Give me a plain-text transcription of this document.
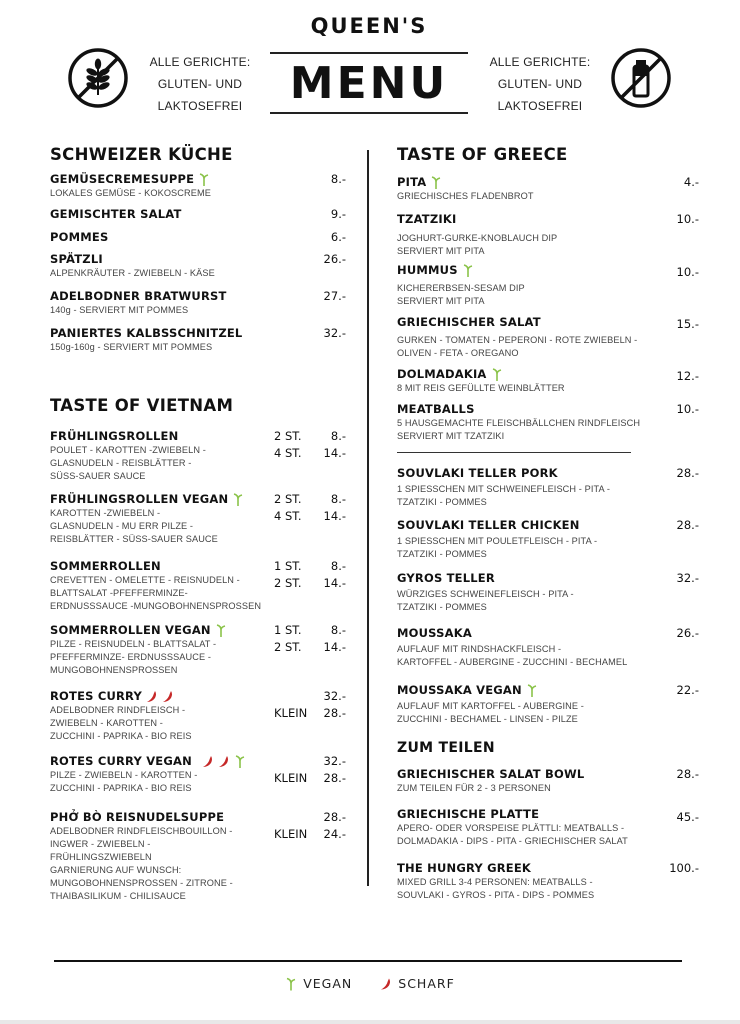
ALLE GERICHTE:
GLUTEN- UND
LAKTOSEFREI
QUEEN'S
MENU	ALLE GERICHTE:
GLUTEN- UND
LAKTOSEFREI
SCHWEIZER KÜCHE
GEMÜSECREMESUPPE
LOKALES GEMÜSE - KOKOSCREME
8.-
GEMISCHTER SALAT	9.-
POMMES	6.-
SPÄTZLI
ALPENKRÄUTER - ZWIEBELN - KÄSE
26.-
ADELBODNER BRATWURST
140g - SERVIERT MIT POMMES
27.-
PANIERTES KALBSSCHNITZEL
150g-160g - SERVIERT MIT POMMES
32.-
TASTE OF VIETNAM
FRÜHLINGSROLLEN
POULET - KAROTTEN -ZWIEBELN -
GLASNUDELN - REISBLÄTTER -
SÜSS-SAUER SAUCE
2 ST.	8.-
4 ST.	14.-
FRÜHLINGSROLLEN VEGAN
KAROTTEN -ZWIEBELN -
GLASNUDELN - MU ERR PILZE -
REISBLÄTTER - SÜSS-SAUER SAUCE
2 ST.	8.-
4 ST.	14.-
SOMMERROLLEN
CREVETTEN - OMELETTE - REISNUDELN -
BLATTSALAT -PFEFFERMINZE-
ERDNUSSSAUCE -MUNGOBOHNENSPROSSEN
1 ST.	8.-
2 ST.	14.-
SOMMERROLLEN VEGAN
PILZE - REISNUDELN - BLATTSALAT -
PFEFFERMINZE- ERDNUSSSAUCE -
MUNGOBOHNENSPROSSEN
1 ST.	8.-
2 ST.	14.-
ROTES CURRY
ADELBODNER RINDFLEISCH -
ZWIEBELN - KAROTTEN -
ZUCCHINI - PAPRIKA - BIO REIS
32.-
KLEIN	28.-
ROTES CURRY VEGAN
PILZE - ZWIEBELN - KAROTTEN -
ZUCCHINI - PAPRIKA - BIO REIS
32.-
KLEIN	28.-
PHỞ BÒ REISNUDELSUPPE
ADELBODNER RINDFLEISCHBOUILLON -
INGWER - ZWIEBELN -
FRÜHLINGSZWIEBELN
GARNIERUNG AUF WUNSCH:
MUNGOBOHNENSPROSSEN - ZITRONE -
THAIBASILIKUM - CHILISAUCE
28.-
KLEIN	24.-
TASTE OF GREECE
PITA
GRIECHISCHES FLADENBROT
4.-
TZATZIKI
JOGHURT-GURKE-KNOBLAUCH DIP
SERVIERT MIT PITA
10.-
HUMMUS
KICHERERBSEN-SESAM DIP
SERVIERT MIT PITA
10.-
GRIECHISCHER SALAT
GURKEN - TOMATEN - PEPERONI - ROTE ZWIEBELN -
OLIVEN - FETA - OREGANO
15.-
DOLMADAKIA
8 MIT REIS GEFÜLLTE WEINBLÄTTER
12.-
MEATBALLS
5 HAUSGEMACHTE FLEISCHBÄLLCHEN RINDFLEISCH
SERVIERT MIT TZATZIKI
10.-
SOUVLAKI TELLER PORK
1 SPIESSCHEN MIT SCHWEINEFLEISCH - PITA -
TZATZIKI - POMMES
28.-
SOUVLAKI TELLER CHICKEN
1 SPIESSCHEN MIT POULETFLEISCH - PITA -
TZATZIKI - POMMES
28.-
GYROS TELLER
WÜRZIGES SCHWEINEFLEISCH - PITA -
TZATZIKI - POMMES
32.-
MOUSSAKA
AUFLAUF MIT RINDSHACKFLEISCH -
KARTOFFEL - AUBERGINE - ZUCCHINI - BECHAMEL
26.-
MOUSSAKA VEGAN
AUFLAUF MIT KARTOFFEL - AUBERGINE -
ZUCCHINI - BECHAMEL - LINSEN - PILZE
22.-
ZUM TEILEN
GRIECHISCHER SALAT BOWL
ZUM TEILEN FÜR 2 - 3 PERSONEN
28.-
GRIECHISCHE PLATTE
APERO- ODER VORSPEISE PLÄTTLI: MEATBALLS -
DOLMADAKIA - DIPS - PITA - GRIECHISCHER SALAT
45.-
THE HUNGRY GREEK
MIXED GRILL 3-4 PERSONEN: MEATBALLS -
SOUVLAKI - GYROS - PITA - DIPS - POMMES
100.-
VEGAN	SCHARF
